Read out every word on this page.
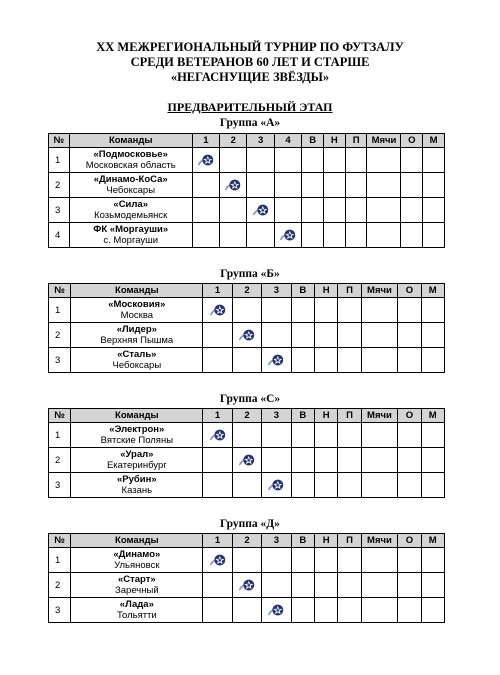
XX МЕЖРЕГИОНАЛЬНЫЙ ТУРНИР ПО ФУТЗАЛУ
СРЕДИ ВЕТЕРАНОВ 60 ЛЕТ И СТАРШЕ
«НЕГАСНУЩИЕ ЗВЁЗДЫ»
ПРЕДВАРИТЕЛЬНЫЙ ЭТАП
Группа «А»
№	Команды	1	2	3	4	В	Н	П	Мячи	О	М
1	«Подмосковье»
Московская область

2	«Динамо-КоСа»
Чебоксары

3	«Сила»
Козьмодемьянск

4	ФК «Моргауши»
с. Моргауши

Группа «Б»
№	Команды	1	2	3	В	Н	П	Мячи	О	М
1	«Московия»
Москва

2	«Лидер»
Верхняя Пышма

3	«Сталь»
Чебоксары

Группа «С»
№	Команды	1	2	3	В	Н	П	Мячи	О	М
1	«Электрон»
Вятские Поляны

2	«Урал»
Екатеринбург

3	«Рубин»
Казань

Группа «Д»
№	Команды	1	2	3	В	Н	П	Мячи	О	М
1	«Динамо»
Ульяновск

2	«Старт»
Заречный

3	«Лада»
Тольятти
